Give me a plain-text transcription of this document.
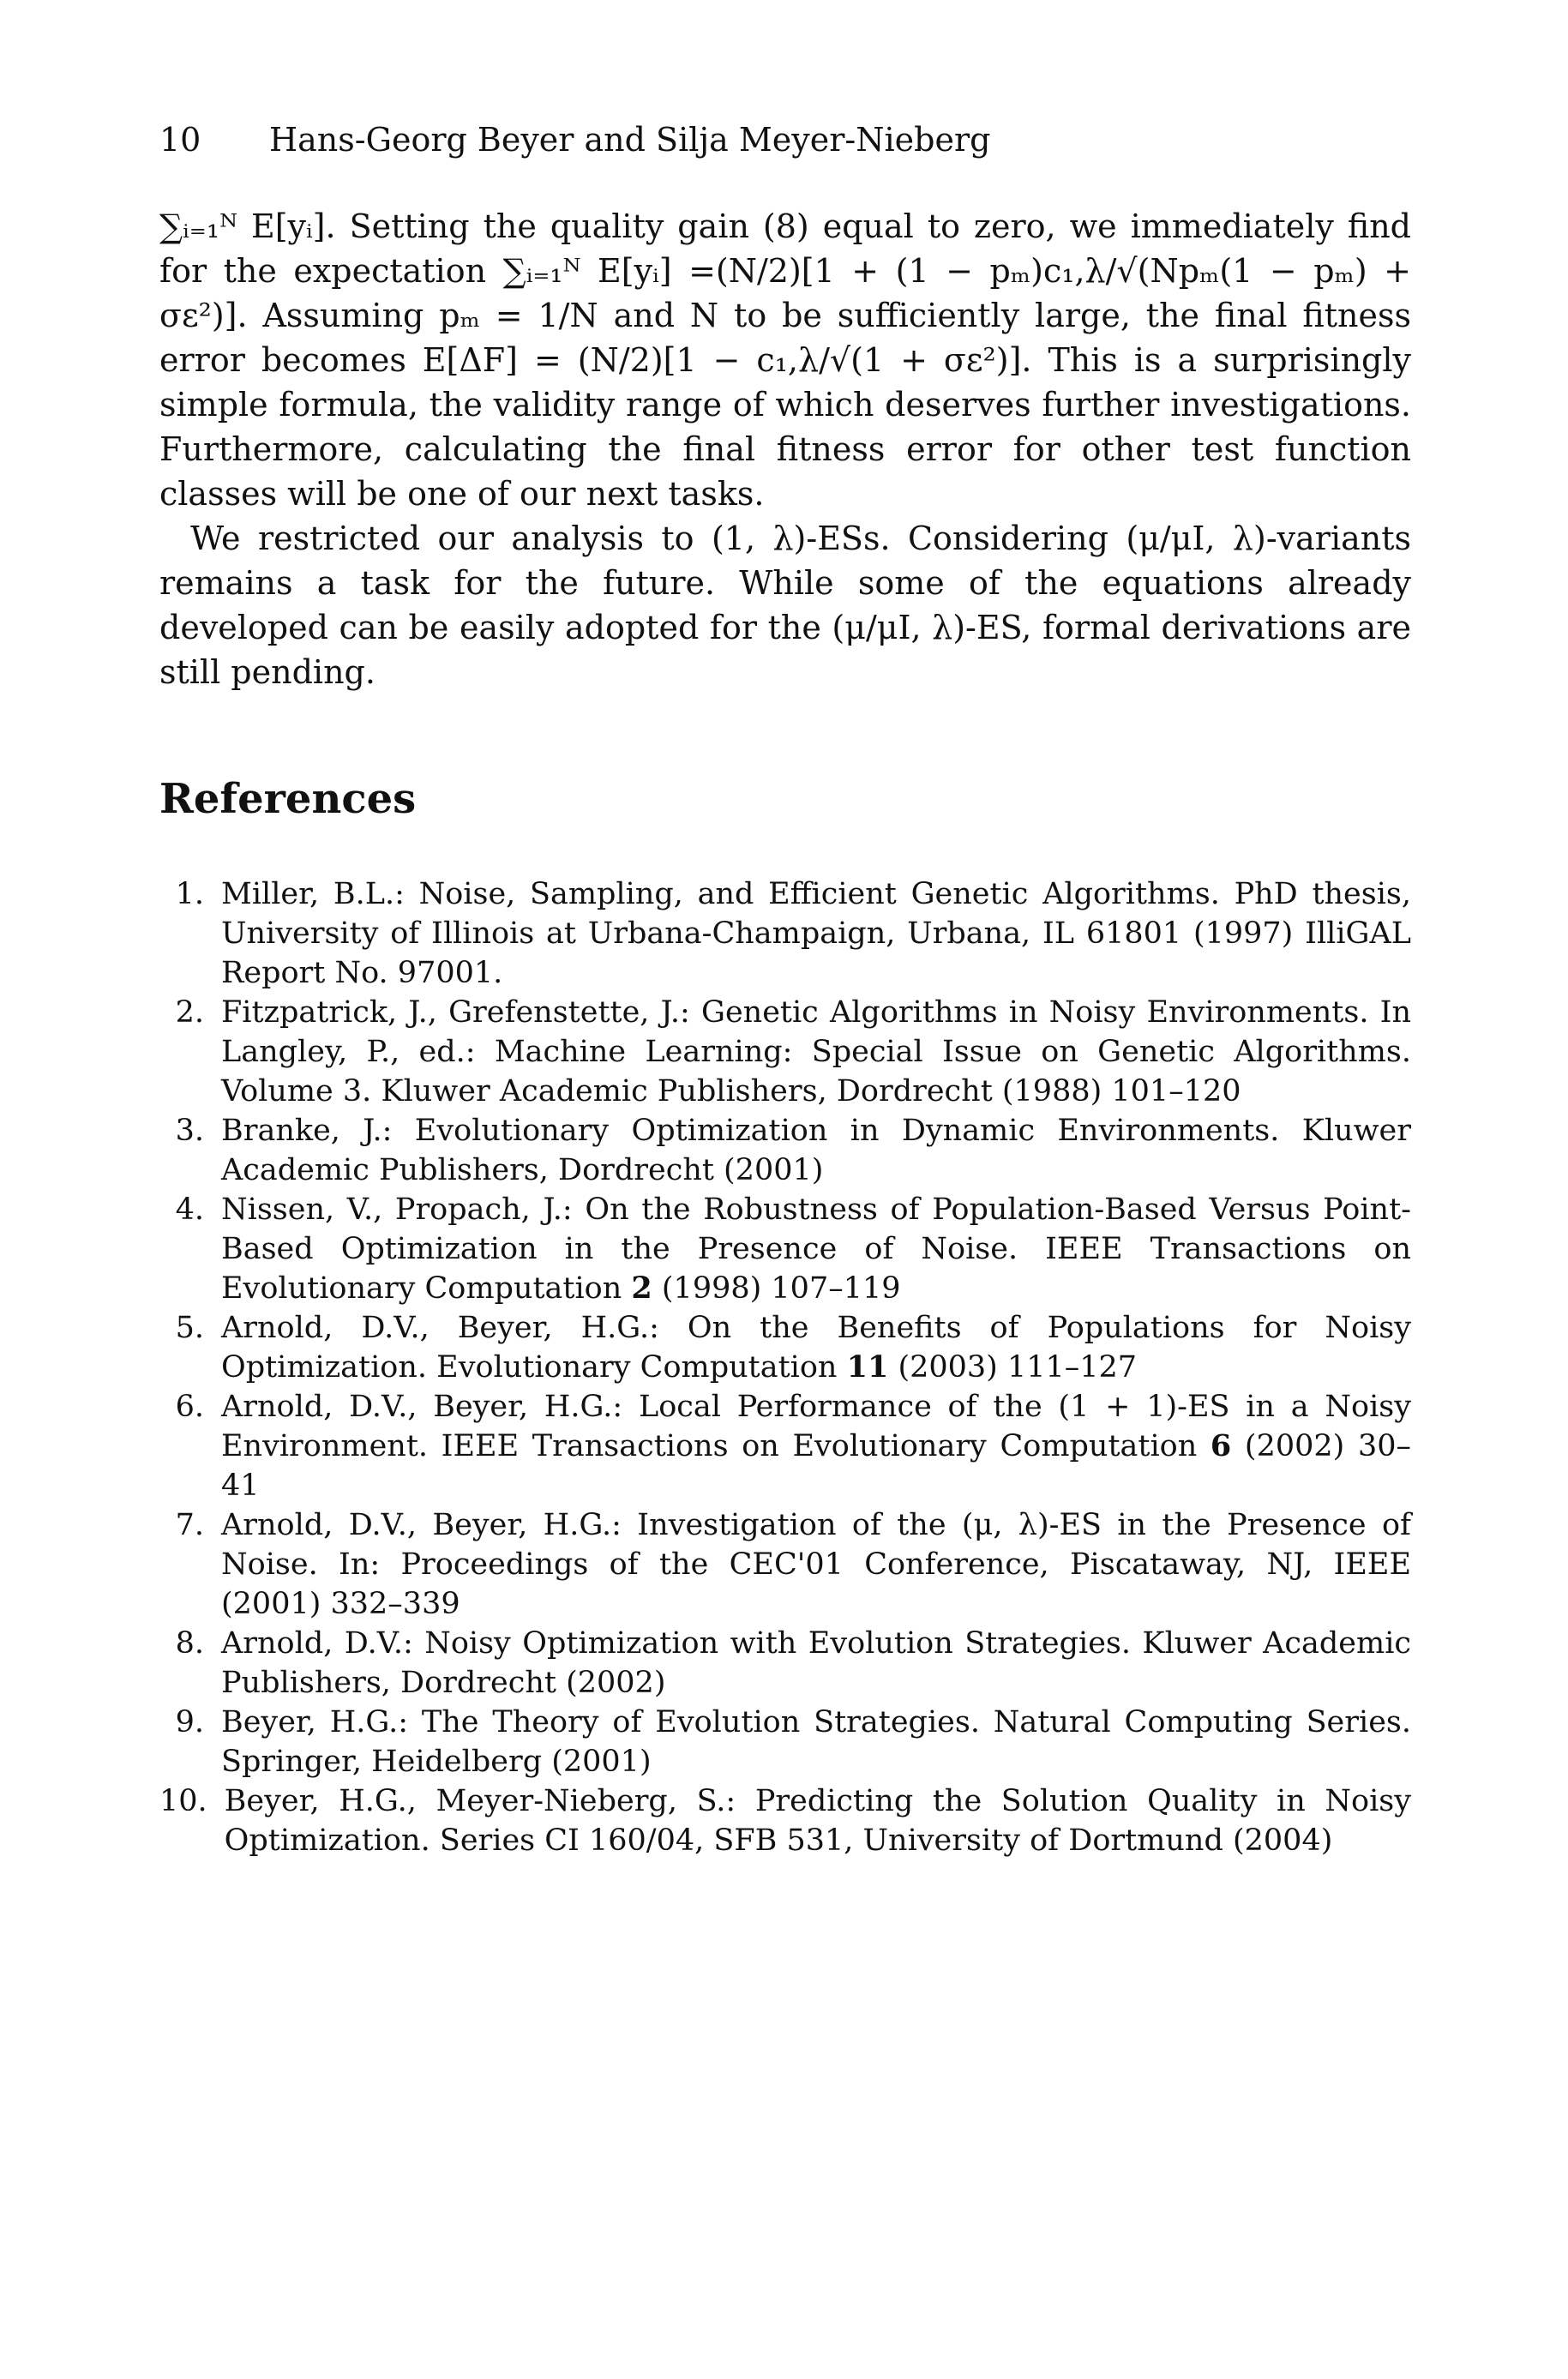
10 Hans-Georg Beyer and Silja Meyer-Nieberg

∑ᵢ₌₁ᴺ E[yᵢ]. Setting the quality gain (8) equal to zero, we immediately find for the expectation ∑ᵢ₌₁ᴺ E[yᵢ] =(N/2)[1 + (1 − pₘ)c₁,λ/√(Npₘ(1 − pₘ) + σε²)]. Assuming pₘ = 1/N and N to be sufficiently large, the final fitness error becomes E[ΔF] = (N/2)[1 − c₁,λ/√(1 + σε²)]. This is a surprisingly simple formula, the validity range of which deserves further investigations. Furthermore, calculating the final fitness error for other test function classes will be one of our next tasks.

We restricted our analysis to (1, λ)-ESs. Considering (μ/μI, λ)-variants remains a task for the future. While some of the equations already developed can be easily adopted for the (μ/μI, λ)-ES, formal derivations are still pending.

References
1. Miller, B.L.: Noise, Sampling, and Efficient Genetic Algorithms. PhD thesis, University of Illinois at Urbana-Champaign, Urbana, IL 61801 (1997) IlliGAL Report No. 97001.
2. Fitzpatrick, J., Grefenstette, J.: Genetic Algorithms in Noisy Environments. In Langley, P., ed.: Machine Learning: Special Issue on Genetic Algorithms. Volume 3. Kluwer Academic Publishers, Dordrecht (1988) 101–120
3. Branke, J.: Evolutionary Optimization in Dynamic Environments. Kluwer Academic Publishers, Dordrecht (2001)
4. Nissen, V., Propach, J.: On the Robustness of Population-Based Versus Point-Based Optimization in the Presence of Noise. IEEE Transactions on Evolutionary Computation 2 (1998) 107–119
5. Arnold, D.V., Beyer, H.G.: On the Benefits of Populations for Noisy Optimization. Evolutionary Computation 11 (2003) 111–127
6. Arnold, D.V., Beyer, H.G.: Local Performance of the (1 + 1)-ES in a Noisy Environment. IEEE Transactions on Evolutionary Computation 6 (2002) 30–41
7. Arnold, D.V., Beyer, H.G.: Investigation of the (μ, λ)-ES in the Presence of Noise. In: Proceedings of the CEC'01 Conference, Piscataway, NJ, IEEE (2001) 332–339
8. Arnold, D.V.: Noisy Optimization with Evolution Strategies. Kluwer Academic Publishers, Dordrecht (2002)
9. Beyer, H.G.: The Theory of Evolution Strategies. Natural Computing Series. Springer, Heidelberg (2001)
10. Beyer, H.G., Meyer-Nieberg, S.: Predicting the Solution Quality in Noisy Optimization. Series CI 160/04, SFB 531, University of Dortmund (2004)
